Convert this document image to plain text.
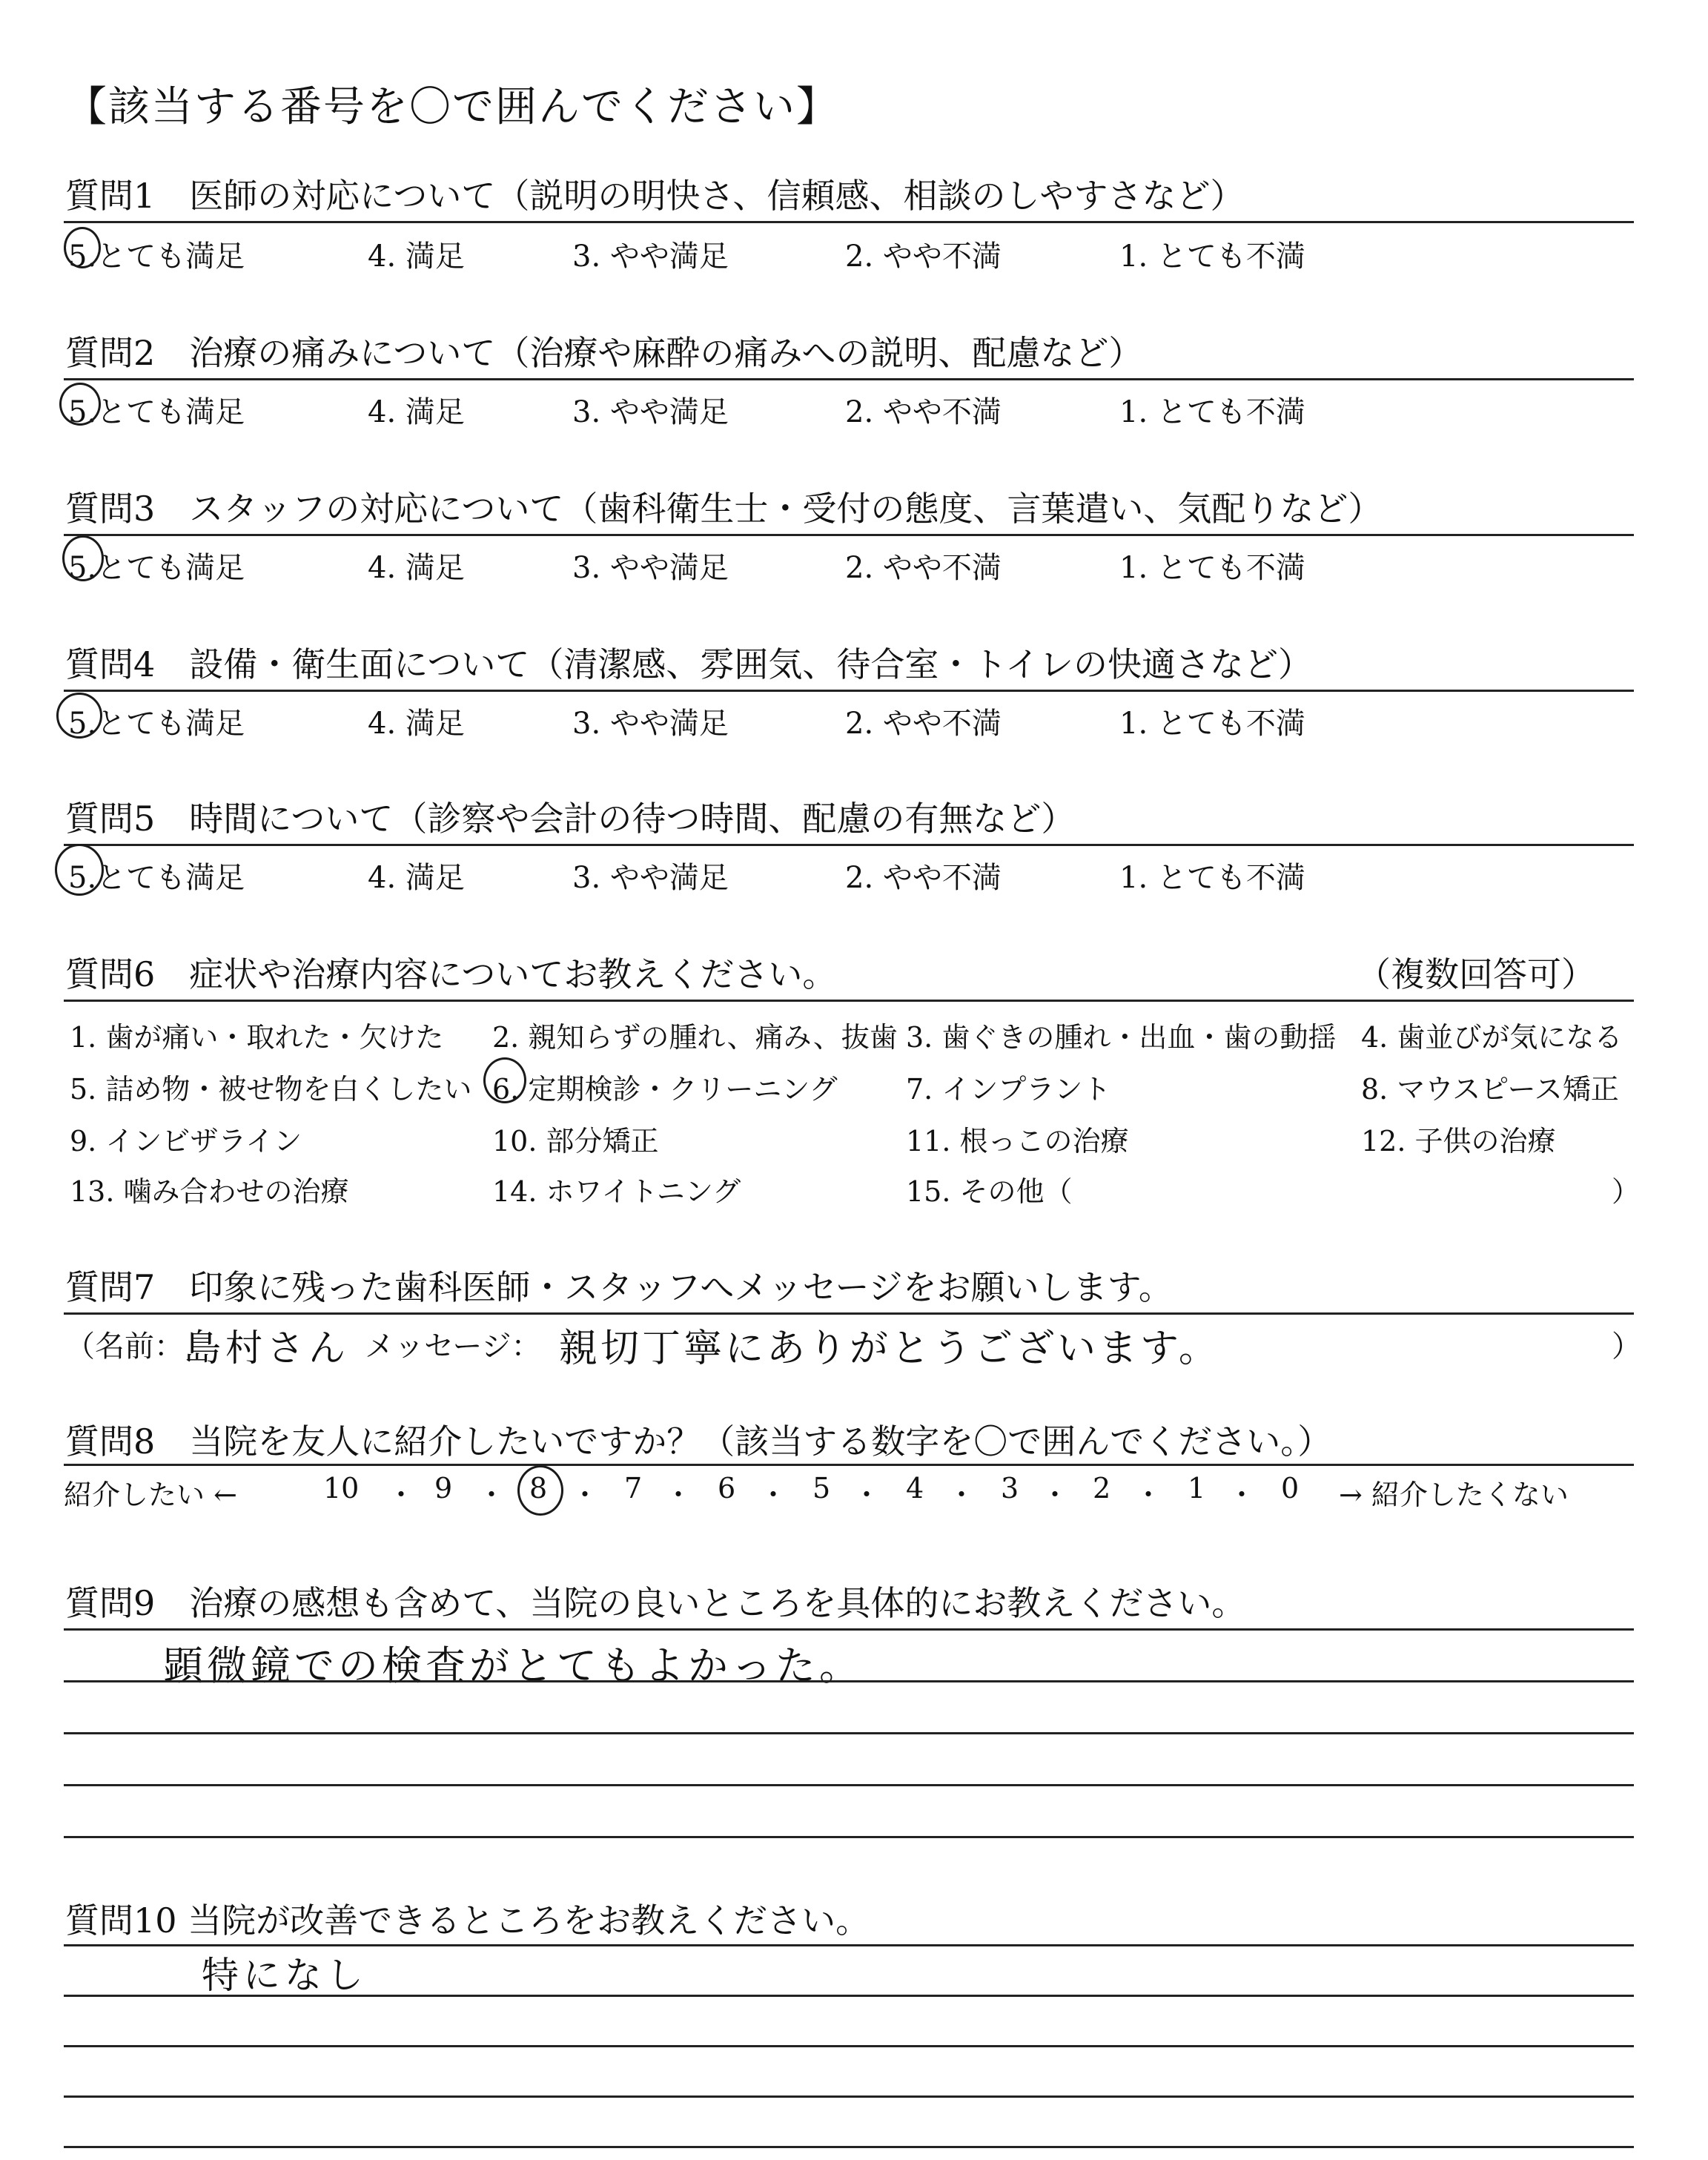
【該当する番号を〇で囲んでください】
質問1　医師の対応について（説明の明快さ、信頼感、相談のしやすさなど）
5.とても満足	4. 満足	3. やや満足	2. やや不満	1. とても不満
質問2　治療の痛みについて（治療や麻酔の痛みへの説明、配慮など）
5.とても満足	4. 満足	3. やや満足	2. やや不満	1. とても不満
質問3　スタッフの対応について（歯科衛生士・受付の態度、言葉遣い、気配りなど）
5.とても満足	4. 満足	3. やや満足	2. やや不満	1. とても不満
質問4　設備・衛生面について（清潔感、雰囲気、待合室・トイレの快適さなど）
5.とても満足	4. 満足	3. やや満足	2. やや不満	1. とても不満
質問5　時間について（診察や会計の待つ時間、配慮の有無など）
5.とても満足	4. 満足	3. やや満足	2. やや不満	1. とても不満
質問6　症状や治療内容についてお教えください。	（複数回答可）
1. 歯が痛い・取れた・欠けた 2. 親知らずの腫れ、痛み、抜歯 3. 歯ぐきの腫れ・出血・歯の動揺 4. 歯並びが気になる
5. 詰め物・被せ物を白くしたい 6. 定期検診・クリーニング 7. インプラント	8. マウスピース矯正
9. インビザライン	10. 部分矯正	11. 根っこの治療	12. 子供の治療
13. 噛み合わせの治療	14. ホワイトニング	15. その他（	）
質問7　印象に残った歯科医師・スタッフへメッセージをお願いします。
（名前： 島村さん メッセージ： 親切丁寧にありがとうございます。	）
質問8　当院を友人に紹介したいですか？（該当する数字を〇で囲んでください。）
紹介したい ←	10 ・ 9 ・ 8 ・ 7 ・ 6 ・ 5 ・ 4 ・ 3 ・ 2 ・ 1 ・ 0 → 紹介したくない
質問9　治療の感想も含めて、当院の良いところを具体的にお教えください。
顕微鏡での検査がとてもよかった。
質問10 当院が改善できるところをお教えください。
特になし
